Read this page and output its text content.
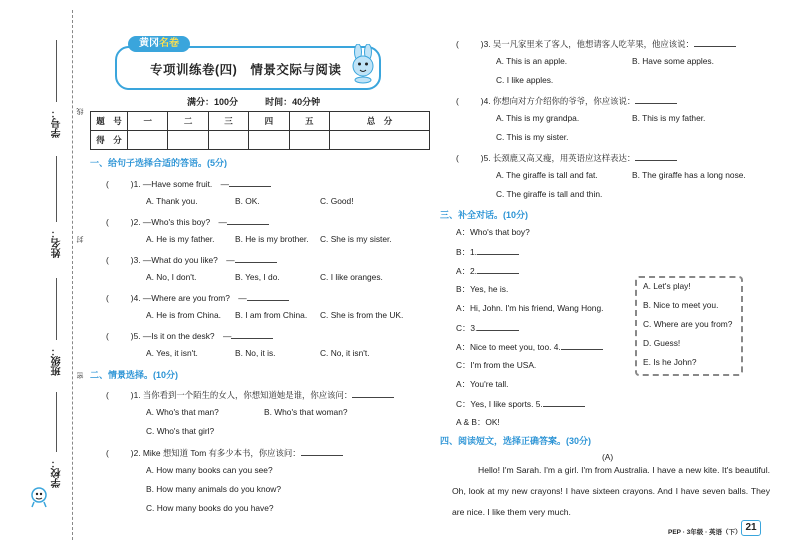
学号： 线
姓名： 封
班级： 密
学校：
黄冈名卷
专项训练卷(四)　情景交际与阅读
满分：100分	时间：40分钟
题　号	一	二	三	四	五	总　分
得　分						
一、给句子选择合适的答语。(5分)
(	)1. —Have some fruit.　—
A. Thank you.	B. OK.	C. Good!
(	)2. —Who's this boy?　—
A. He is my father. B. He is my brother. C. She is my sister.
(	)3. —What do you like?　—
A. No, I don't.	B. Yes, I do.	C. I like oranges.
(	)4. —Where are you from?　—
A. He is from China. B. I am from China. C. She is from the UK.
(	)5. —Is it on the desk?　—
A. Yes, it isn't.	B. No, it is.	C. No, it isn't.
二、情景选择。(10分)
(	)1. 当你看到一个陌生的女人，你想知道她是谁，你应该问：
A. Who's that man?	B. Who's that woman?
C. Who's that girl?
(	)2. Mike 想知道 Tom 有多少本书，你应该问：
A. How many books can you see?
B. How many animals do you know?
C. How many books do you have?
(	)3. 吴一凡家里来了客人，他想请客人吃苹果，他应该说：
A. This is an apple.	B. Have some apples.
C. I like apples.
(	)4. 你想向对方介绍你的爷爷，你应该说：
A. This is my grandpa.	B. This is my father.
C. This is my sister.
(	)5. 长颈鹿又高又瘦，用英语应这样表达：
A. The giraffe is tall and fat.	B. The giraffe has a long nose.
C. The giraffe is tall and thin.
三、补全对话。(10分)
A：Who's that boy?
B：1.
A：2.
B：Yes, he is.
A：Hi, John. I'm his friend, Wang Hong.
C：3.
A：Nice to meet you, too. 4.
C：I'm from the USA.
A：You're tall.
C：Yes, I like sports. 5.
A & B：OK!
A. Let's play!
B. Nice to meet you.
C. Where are you from?
D. Guess!
E. Is he John?
四、阅读短文，选择正确答案。(30分)
(A)
Hello! I'm Sarah. I'm a girl. I'm from Australia. I have a new kite. It's beautiful. Oh, look at my new crayons! I have sixteen crayons. And I have seven balls. They are nice. I like them very much.
PEP · 3年级 · 英语（下） 21
